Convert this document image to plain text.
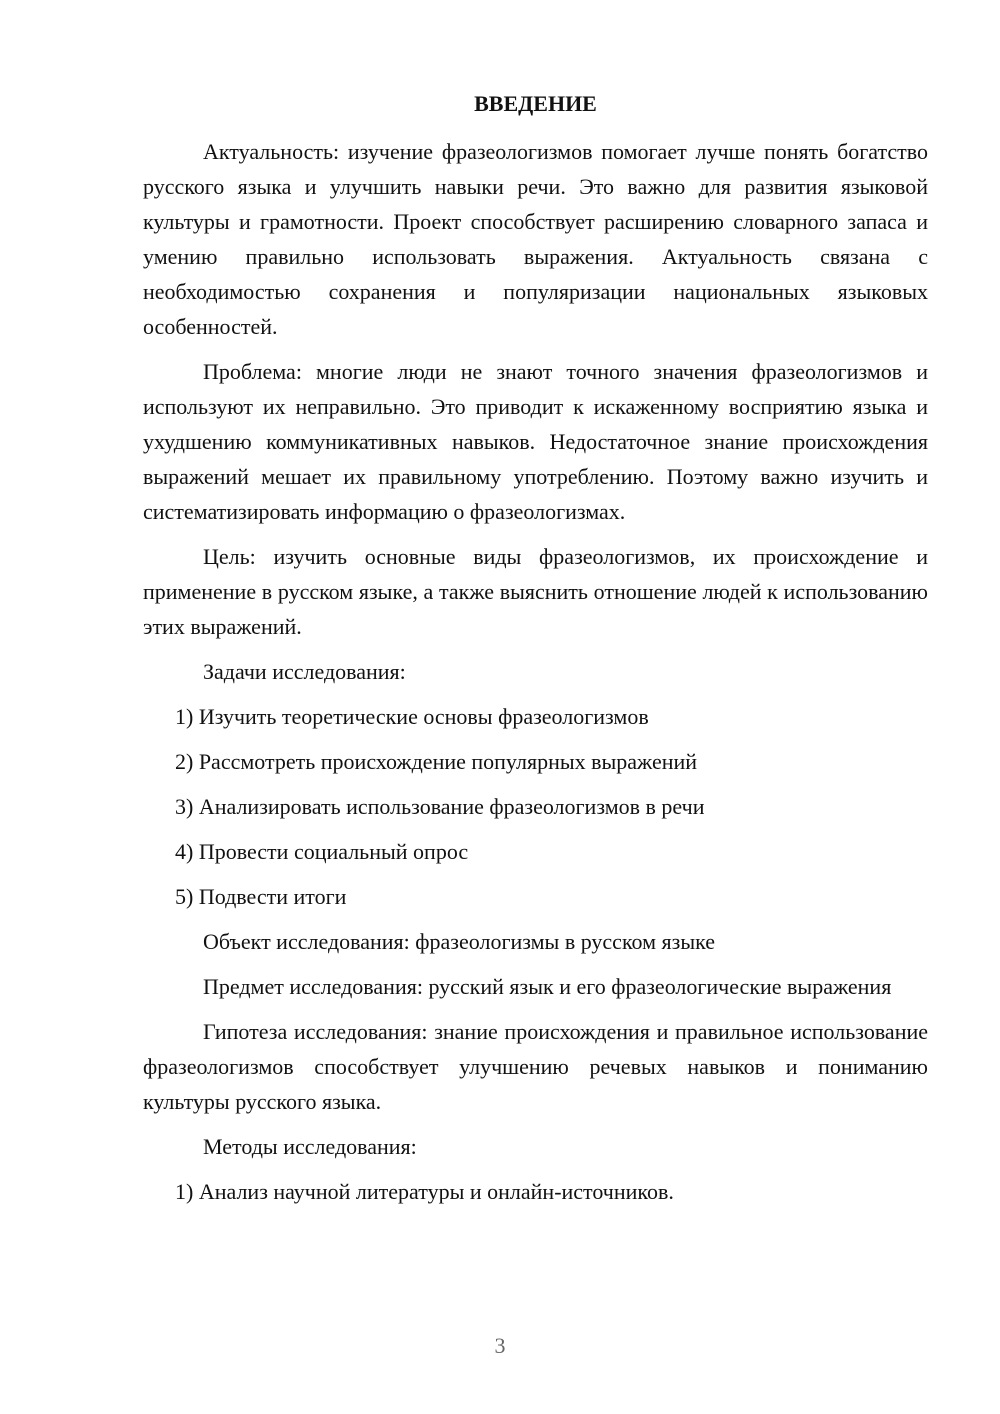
ВВЕДЕНИЕ
Актуальность: изучение фразеологизмов помогает лучше понять богатство русского языка и улучшить навыки речи. Это важно для развития языковой культуры и грамотности. Проект способствует расширению словарного запаса и умению правильно использовать выражения. Актуальность связана с необходимостью сохранения и популяризации национальных языковых особенностей.
Проблема: многие люди не знают точного значения фразеологизмов и используют их неправильно. Это приводит к искаженному восприятию языка и ухудшению коммуникативных навыков. Недостаточное знание происхождения выражений мешает их правильному употреблению. Поэтому важно изучить и систематизировать информацию о фразеологизмах.
Цель: изучить основные виды фразеологизмов, их происхождение и применение в русском языке, а также выяснить отношение людей к использованию этих выражений.
Задачи исследования:
1) Изучить теоретические основы фразеологизмов
2) Рассмотреть происхождение популярных выражений
3) Анализировать использование фразеологизмов в речи
4) Провести социальный опрос
5) Подвести итоги
Объект исследования: фразеологизмы в русском языке
Предмет исследования: русский язык и его фразеологические выражения
Гипотеза исследования: знание происхождения и правильное использование фразеологизмов способствует улучшению речевых навыков и пониманию культуры русского языка.
Методы исследования:
1) Анализ научной литературы и онлайн-источников.
3
